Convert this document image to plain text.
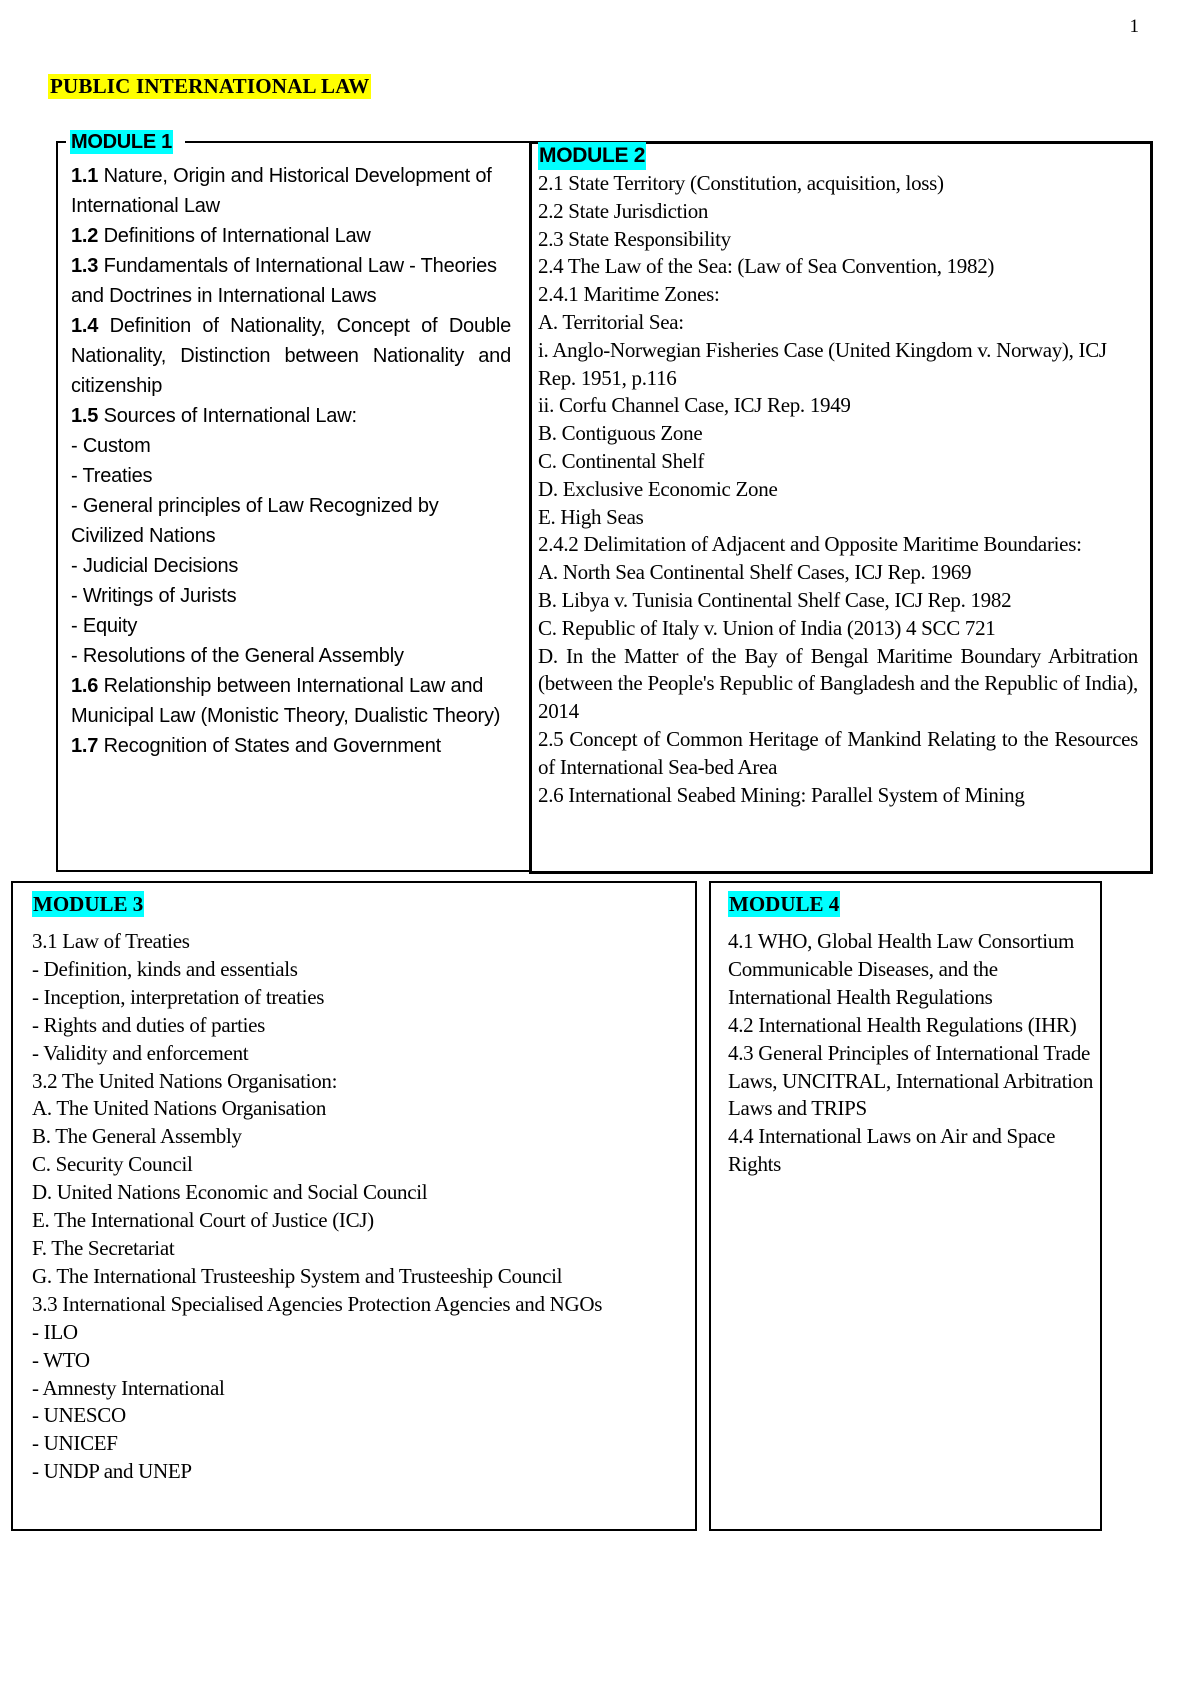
1
PUBLIC INTERNATIONAL LAW
MODULE 1

1.1 Nature, Origin and Historical Development of International Law

1.2 Definitions of International Law

1.3 Fundamentals of International Law - Theories and Doctrines in International Laws

1.4 Definition of Nationality, Concept of Double Nationality, Distinction between Nationality and citizenship

1.5 Sources of International Law:

- Custom

- Treaties

- General principles of Law Recognized by Civilized Nations

- Judicial Decisions

- Writings of Jurists

- Equity

- Resolutions of the General Assembly

1.6 Relationship between International Law and Municipal Law (Monistic Theory, Dualistic Theory)

1.7 Recognition of States and Government

MODULE 2

2.1 State Territory (Constitution, acquisition, loss)

2.2 State Jurisdiction

2.3 State Responsibility

2.4 The Law of the Sea: (Law of Sea Convention, 1982)

2.4.1 Maritime Zones:

A. Territorial Sea:

i. Anglo-Norwegian Fisheries Case (United Kingdom v. Norway), ICJ Rep. 1951, p.116

ii. Corfu Channel Case, ICJ Rep. 1949

B. Contiguous Zone

C. Continental Shelf

D. Exclusive Economic Zone

E. High Seas

2.4.2 Delimitation of Adjacent and Opposite Maritime Boundaries:

A. North Sea Continental Shelf Cases, ICJ Rep. 1969

B. Libya v. Tunisia Continental Shelf Case, ICJ Rep. 1982

C. Republic of Italy v. Union of India (2013) 4 SCC 721

D. In the Matter of the Bay of Bengal Maritime Boundary Arbitration (between the People's Republic of Bangladesh and the Republic of India), 2014

2.5 Concept of Common Heritage of Mankind Relating to the Resources of International Sea-bed Area

2.6 International Seabed Mining: Parallel System of Mining

MODULE 3

3.1 Law of Treaties

- Definition, kinds and essentials

- Inception, interpretation of treaties

- Rights and duties of parties

- Validity and enforcement

3.2 The United Nations Organisation:

A. The United Nations Organisation

B. The General Assembly

C. Security Council

D. United Nations Economic and Social Council

E. The International Court of Justice (ICJ)

F. The Secretariat

G. The International Trusteeship System and Trusteeship Council

3.3 International Specialised Agencies Protection Agencies and NGOs

- ILO

- WTO

- Amnesty International

- UNESCO

- UNICEF

- UNDP and UNEP

MODULE 4

4.1 WHO, Global Health Law Consortium Communicable Diseases, and the International Health Regulations

4.2 International Health Regulations (IHR)

4.3 General Principles of International Trade Laws, UNCITRAL, International Arbitration Laws and TRIPS

4.4 International Laws on Air and Space Rights
